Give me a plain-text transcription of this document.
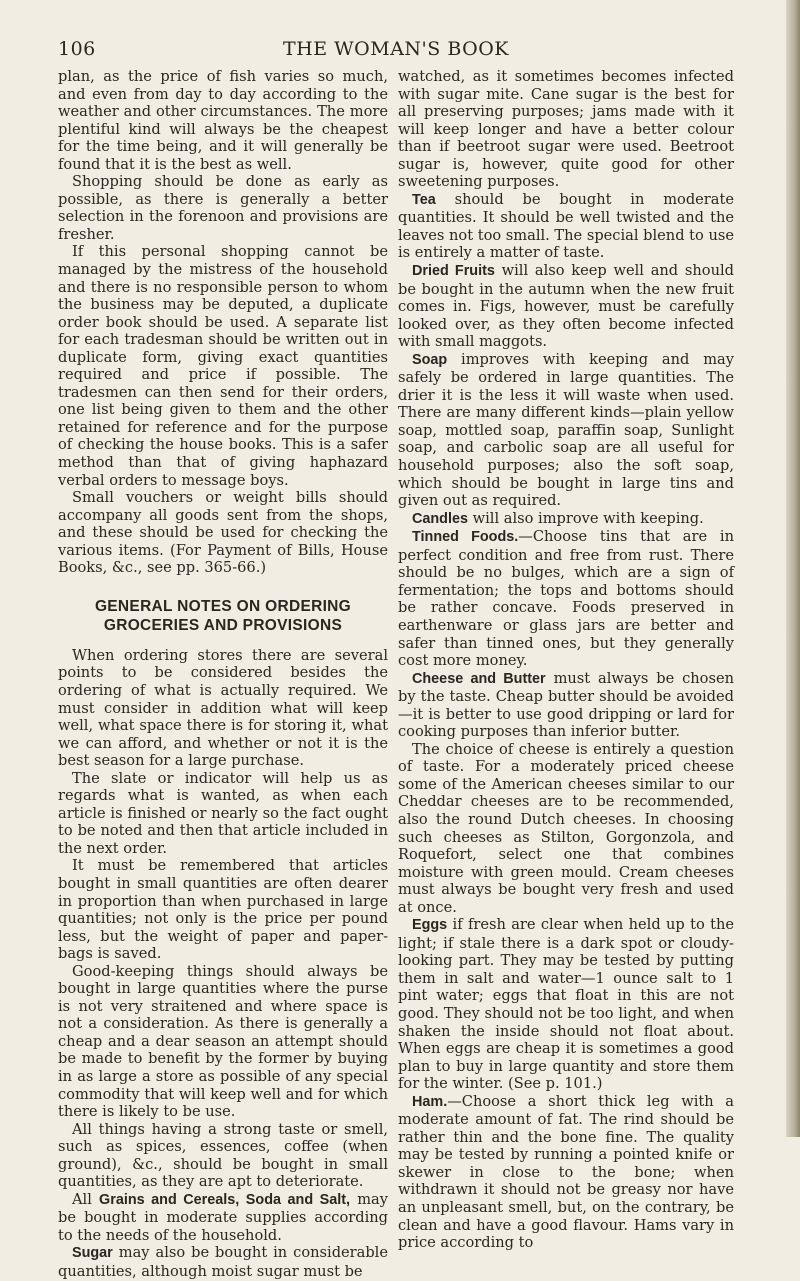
106	THE WOMAN'S BOOK

plan, as the price of fish varies so much, and even from day to day according to the weather and other circumstances. The more plentiful kind will always be the cheapest for the time being, and it will generally be found that it is the best as well.

Shopping should be done as early as possible, as there is generally a better selection in the forenoon and provisions are fresher.

If this personal shopping cannot be managed by the mistress of the household and there is no responsible person to whom the business may be deputed, a duplicate order book should be used. A separate list for each tradesman should be written out in duplicate form, giving exact quantities required and price if possible. The tradesmen can then send for their orders, one list being given to them and the other retained for reference and for the purpose of checking the house books. This is a safer method than that of giving haphazard verbal orders to message boys.

Small vouchers or weight bills should accompany all goods sent from the shops, and these should be used for checking the various items. (For Payment of Bills, House Books, &c., see pp. 365-66.)

GENERAL NOTES ON ORDERING GROCERIES AND PROVISIONS

When ordering stores there are several points to be considered besides the ordering of what is actually required. We must consider in addition what will keep well, what space there is for storing it, what we can afford, and whether or not it is the best season for a large purchase.

The slate or indicator will help us as regards what is wanted, as when each article is finished or nearly so the fact ought to be noted and then that article included in the next order.

It must be remembered that articles bought in small quantities are often dearer in proportion than when purchased in large quantities; not only is the price per pound less, but the weight of paper and paper-bags is saved.

Good-keeping things should always be bought in large quantities where the purse is not very straitened and where space is not a consideration. As there is generally a cheap and a dear season an attempt should be made to benefit by the former by buying in as large a store as possible of any special commodity that will keep well and for which there is likely to be use.

All things having a strong taste or smell, such as spices, essences, coffee (when ground), &c., should be bought in small quantities, as they are apt to deteriorate.

All Grains and Cereals, Soda and Salt, may be bought in moderate supplies according to the needs of the household.

Sugar may also be bought in considerable quantities, although moist sugar must be

watched, as it sometimes becomes infected with sugar mite. Cane sugar is the best for all preserving purposes; jams made with it will keep longer and have a better colour than if beetroot sugar were used. Beetroot sugar is, however, quite good for other sweetening purposes.

Tea should be bought in moderate quantities. It should be well twisted and the leaves not too small. The special blend to use is entirely a matter of taste.

Dried Fruits will also keep well and should be bought in the autumn when the new fruit comes in. Figs, however, must be carefully looked over, as they often become infected with small maggots.

Soap improves with keeping and may safely be ordered in large quantities. The drier it is the less it will waste when used. There are many different kinds—plain yellow soap, mottled soap, paraffin soap, Sunlight soap, and carbolic soap are all useful for household purposes; also the soft soap, which should be bought in large tins and given out as required.

Candles will also improve with keeping.

Tinned Foods.—Choose tins that are in perfect condition and free from rust. There should be no bulges, which are a sign of fermentation; the tops and bottoms should be rather concave. Foods preserved in earthenware or glass jars are better and safer than tinned ones, but they generally cost more money.

Cheese and Butter must always be chosen by the taste. Cheap butter should be avoided—it is better to use good dripping or lard for cooking purposes than inferior butter.

The choice of cheese is entirely a question of taste. For a moderately priced cheese some of the American cheeses similar to our Cheddar cheeses are to be recommended, also the round Dutch cheeses. In choosing such cheeses as Stilton, Gorgonzola, and Roquefort, select one that combines moisture with green mould. Cream cheeses must always be bought very fresh and used at once.

Eggs if fresh are clear when held up to the light; if stale there is a dark spot or cloudy-looking part. They may be tested by putting them in salt and water—1 ounce salt to 1 pint water; eggs that float in this are not good. They should not be too light, and when shaken the inside should not float about. When eggs are cheap it is sometimes a good plan to buy in large quantity and store them for the winter. (See p. 101.)

Ham.—Choose a short thick leg with a moderate amount of fat. The rind should be rather thin and the bone fine. The quality may be tested by running a pointed knife or skewer in close to the bone; when withdrawn it should not be greasy nor have an unpleasant smell, but, on the contrary, be clean and have a good flavour. Hams vary in price according to
